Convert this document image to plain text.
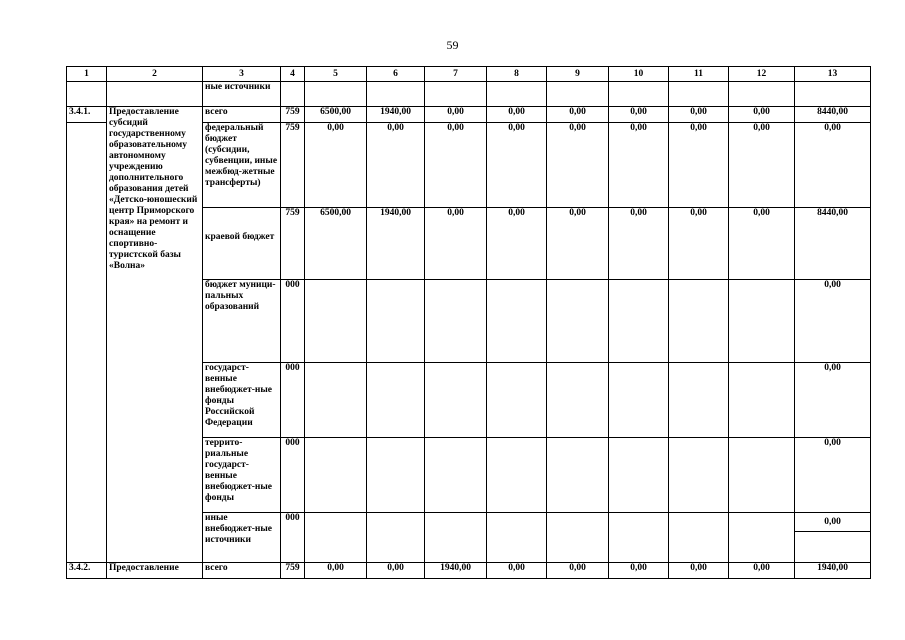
59
1	2	3	4	5	6	7	8	9	10	11	12	13
		ные источники										
3.4.1.	Предоставление субсидий государственному образовательному автономному учреждению дополнительного образования детей «Детско-юношеский центр Приморского края» на ремонт и оснащение спортивно-туристской базы «Волна»	всего	759	6500,00	1940,00	0,00	0,00	0,00	0,00	0,00	0,00	8440,00
		федеральный бюджет (субсидии, субвенции, иные межбюд-жетные трансферты)	759	0,00	0,00	0,00	0,00	0,00	0,00	0,00	0,00	0,00
		краевой бюджет	759	6500,00	1940,00	0,00	0,00	0,00	0,00	0,00	0,00	8440,00
		бюджет муници-пальных образований	000									0,00
		государст-венные внебюджет-ные фонды Российской Федерации	000									0,00
		террито-риальные государст-венные внебюджет-ные фонды	000									0,00
		иные внебюджет-ные источники	000									0,00

3.4.2.	Предоставление	всего	759	0,00	0,00	1940,00	0,00	0,00	0,00	0,00	0,00	1940,00
